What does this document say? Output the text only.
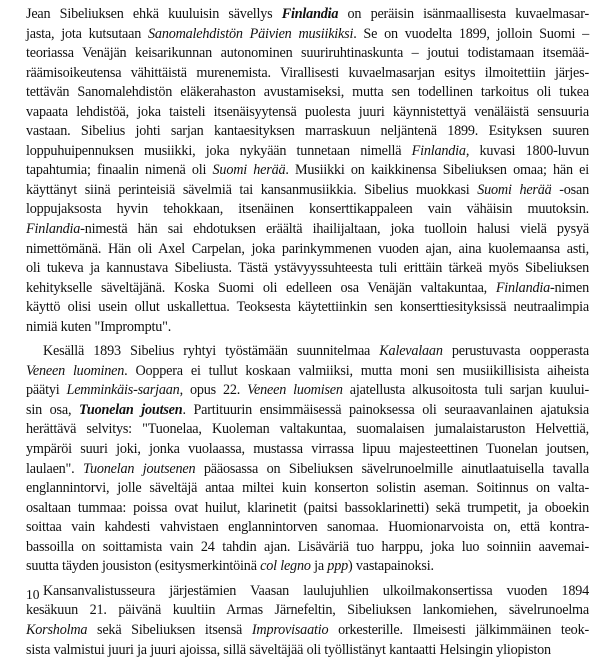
Jean Sibeliuksen ehkä kuuluisin sävellys Finlandia on peräisin isänmaallisesta kuvaelmasar-
jasta, jota kutsutaan Sanomalehdistön Päivien musiikiksi. Se on vuodelta 1899, jolloin Suomi –
teoriassa Venäjän keisarikunnan autonominen suuriruhtinaskunta – joutui todistamaan itsemää-
räämisoikeutensa vähittäistä murenemista. Virallisesti kuvaelmasarjan esitys ilmoitettiin järjes-
tettävän Sanomalehdistön eläkerahaston avustamiseksi, mutta sen todellinen tarkoitus oli tukea
vapaata lehdistöä, joka taisteli itsenäisyytensä puolesta juuri käynnistettyä venäläistä sensuuria
vastaan. Sibelius johti sarjan kantaesityksen marraskuun neljäntenä 1899. Esityksen suuren
loppuhuipennuksen musiikki, joka nykyään tunnetaan nimellä Finlandia, kuvasi 1800-luvun
tapahtumia; finaalin nimenä oli Suomi herää. Musiikki on kaikkinensa Sibeliuksen omaa; hän ei
käyttänyt siinä perinteisiä sävelmiä tai kansanmusiikkia. Sibelius muokkasi Suomi herää -osan
loppujaksosta hyvin tehokkaan, itsenäinen konserttikappaleen vain vähäisin muutoksin.
Finlandia-nimestä hän sai ehdotuksen eräältä ihailijaltaan, joka tuolloin halusi vielä pysyä
nimettömänä. Hän oli Axel Carpelan, joka parinkymmenen vuoden ajan, aina kuolemaansa asti,
oli tukeva ja kannustava Sibeliusta. Tästä ystävyyssuhteesta tuli erittäin tärkeä myös Sibeliuksen
kehitykselle säveltäjänä. Koska Suomi oli edelleen osa Venäjän valtakuntaa, Finlandia-nimen
käyttö olisi usein ollut uskallettua. Teoksesta käytettiinkin sen konserttiesityksissä neutraalimpia
nimiä kuten "Impromptu".
Kesällä 1893 Sibelius ryhtyi työstämään suunnitelmaa Kalevalaan perustuvasta oopperasta
Veneen luominen. Ooppera ei tullut koskaan valmiiksi, mutta moni sen musiikillisista aiheista
päätyi Lemminkäis-sarjaan, opus 22. Veneen luomisen ajatellusta alkusoitosta tuli sarjan kuului-
sin osa, Tuonelan joutsen. Partituurin ensimmäisessä painoksessa oli seuraavanlainen ajatuksia
herättävä selvitys: "Tuonelaa, Kuoleman valtakuntaa, suomalaisen jumalaistaruston Helvettiä,
ympäröi suuri joki, jonka vuolaassa, mustassa virrassa lipuu majesteettinen Tuonelan joutsen,
laulaen". Tuonelan joutsenen pääosassa on Sibeliuksen sävelrunoelmille ainutlaatuisella tavalla
englannintorvi, jolle säveltäjä antaa miltei kuin konserton solistin aseman. Soitinnus on valta-
osaltaan tummaa: poissa ovat huilut, klarinetit (paitsi bassoklarinetti) sekä trumpetit, ja oboekin
soittaa vain kahdesti vahvistaen englannintorven sanomaa. Huomionarvoista on, että kontra-
bassoilla on soittamista vain 24 tahdin ajan. Lisäväriä tuo harppu, joka luo soinniin aavemai-
suutta täyden jousiston (esitysmerkintöinä col legno ja ppp) vastapainoksi.
Kansanvalistusseura järjestämien Vaasan laulujuhlien ulkoilmakonsertissa vuoden 1894
kesäkuun 21. päivänä kuultiin Armas Järnefeltin, Sibeliuksen lankomiehen, sävelrunoelma
Korsholma sekä Sibeliuksen itsensä Improvisaatio orkesterille. Ilmeisesti jälkimmäinen teok-
sista valmistui juuri ja juuri ajoissa, sillä säveltäjää oli työllistänyt kantaatti Helsingin yliopiston
10
